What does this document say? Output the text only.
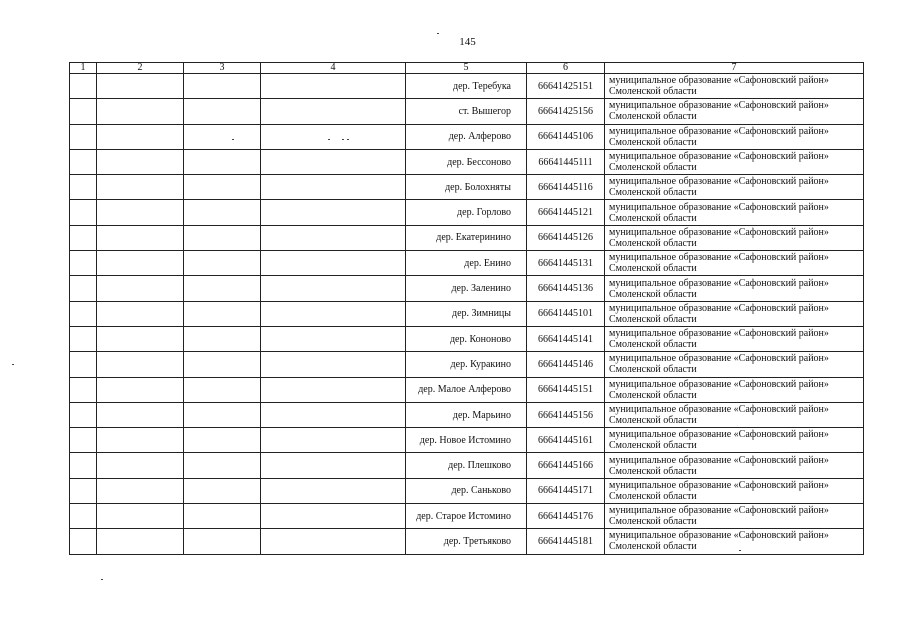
145
1	2	3	4	5	6	7
				дер. Теребука	66641425151	муниципальное образование «Сафоновский район»
Смоленской области

				ст. Вышегор	66641425156	муниципальное образование «Сафоновский район»
Смоленской области

				дер. Алферово	66641445106	муниципальное образование «Сафоновский район»
Смоленской области

				дер. Бессоново	66641445111	муниципальное образование «Сафоновский район»
Смоленской области

				дер. Болохняты	66641445116	муниципальное образование «Сафоновский район»
Смоленской области

				дер. Горлово	66641445121	муниципальное образование «Сафоновский район»
Смоленской области

				дер. Екатеринино	66641445126	муниципальное образование «Сафоновский район»
Смоленской области

				дер. Енино	66641445131	муниципальное образование «Сафоновский район»
Смоленской области

				дер. Заленино	66641445136	муниципальное образование «Сафоновский район»
Смоленской области

				дер. Зимницы	66641445101	муниципальное образование «Сафоновский район»
Смоленской области

				дер. Кононово	66641445141	муниципальное образование «Сафоновский район»
Смоленской области

				дер. Куракино	66641445146	муниципальное образование «Сафоновский район»
Смоленской области

				дер. Малое Алферово	66641445151	муниципальное образование «Сафоновский район»
Смоленской области

				дер. Марьино	66641445156	муниципальное образование «Сафоновский район»
Смоленской области

				дер. Новое Истомино	66641445161	муниципальное образование «Сафоновский район»
Смоленской области

				дер. Плешково	66641445166	муниципальное образование «Сафоновский район»
Смоленской области

				дер. Саньково	66641445171	муниципальное образование «Сафоновский район»
Смоленской области

				дер. Старое Истомино	66641445176	муниципальное образование «Сафоновский район»
Смоленской области

				дер. Третьяково	66641445181	муниципальное образование «Сафоновский район»
Смоленской области
